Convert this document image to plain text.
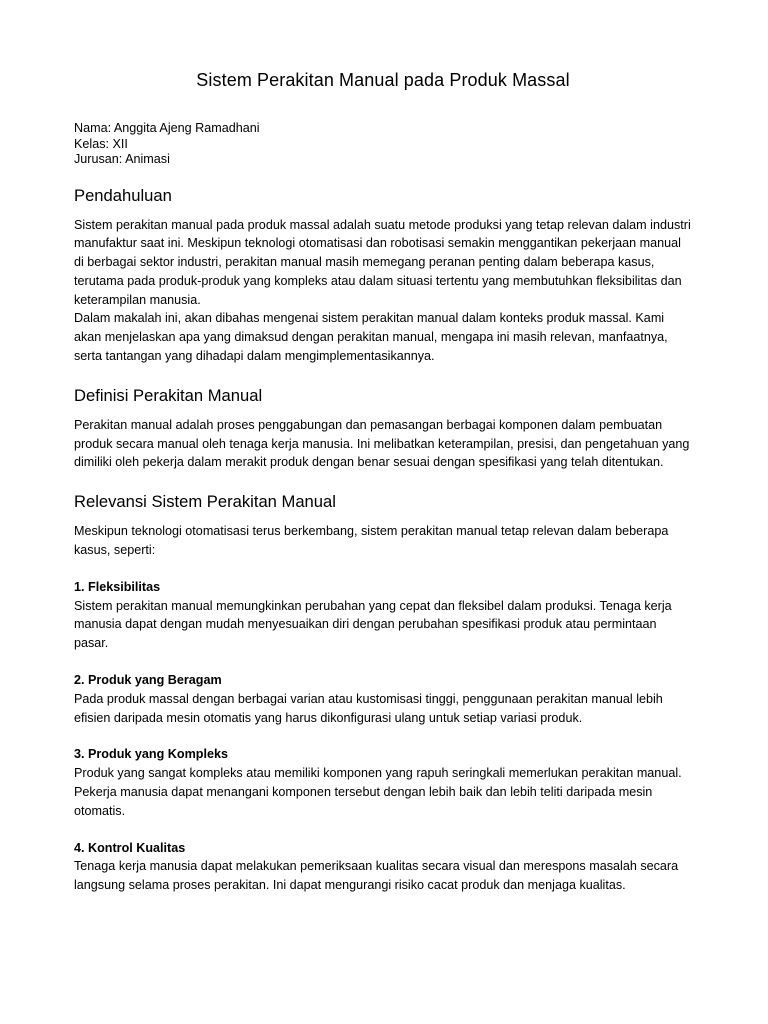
Sistem Perakitan Manual pada Produk Massal
Nama: Anggita Ajeng Ramadhani
Kelas: XII
Jurusan: Animasi
Pendahuluan

Sistem perakitan manual pada produk massal adalah suatu metode produksi yang tetap relevan dalam industri manufaktur saat ini. Meskipun teknologi otomatisasi dan robotisasi semakin menggantikan pekerjaan manual di berbagai sektor industri, perakitan manual masih memegang peranan penting dalam beberapa kasus, terutama pada produk-produk yang kompleks atau dalam situasi tertentu yang membutuhkan fleksibilitas dan keterampilan manusia.

Dalam makalah ini, akan dibahas mengenai sistem perakitan manual dalam konteks produk massal. Kami akan menjelaskan apa yang dimaksud dengan perakitan manual, mengapa ini masih relevan, manfaatnya, serta tantangan yang dihadapi dalam mengimplementasikannya.

Definisi Perakitan Manual

Perakitan manual adalah proses penggabungan dan pemasangan berbagai komponen dalam pembuatan produk secara manual oleh tenaga kerja manusia. Ini melibatkan keterampilan, presisi, dan pengetahuan yang dimiliki oleh pekerja dalam merakit produk dengan benar sesuai dengan spesifikasi yang telah ditentukan.

Relevansi Sistem Perakitan Manual

Meskipun teknologi otomatisasi terus berkembang, sistem perakitan manual tetap relevan dalam beberapa kasus, seperti:

1. Fleksibilitas

Sistem perakitan manual memungkinkan perubahan yang cepat dan fleksibel dalam produksi. Tenaga kerja manusia dapat dengan mudah menyesuaikan diri dengan perubahan spesifikasi produk atau permintaan pasar.

2. Produk yang Beragam

Pada produk massal dengan berbagai varian atau kustomisasi tinggi, penggunaan perakitan manual lebih efisien daripada mesin otomatis yang harus dikonfigurasi ulang untuk setiap variasi produk.

3. Produk yang Kompleks

Produk yang sangat kompleks atau memiliki komponen yang rapuh seringkali memerlukan perakitan manual. Pekerja manusia dapat menangani komponen tersebut dengan lebih baik dan lebih teliti daripada mesin otomatis.

4. Kontrol Kualitas

Tenaga kerja manusia dapat melakukan pemeriksaan kualitas secara visual dan merespons masalah secara langsung selama proses perakitan. Ini dapat mengurangi risiko cacat produk dan menjaga kualitas.
